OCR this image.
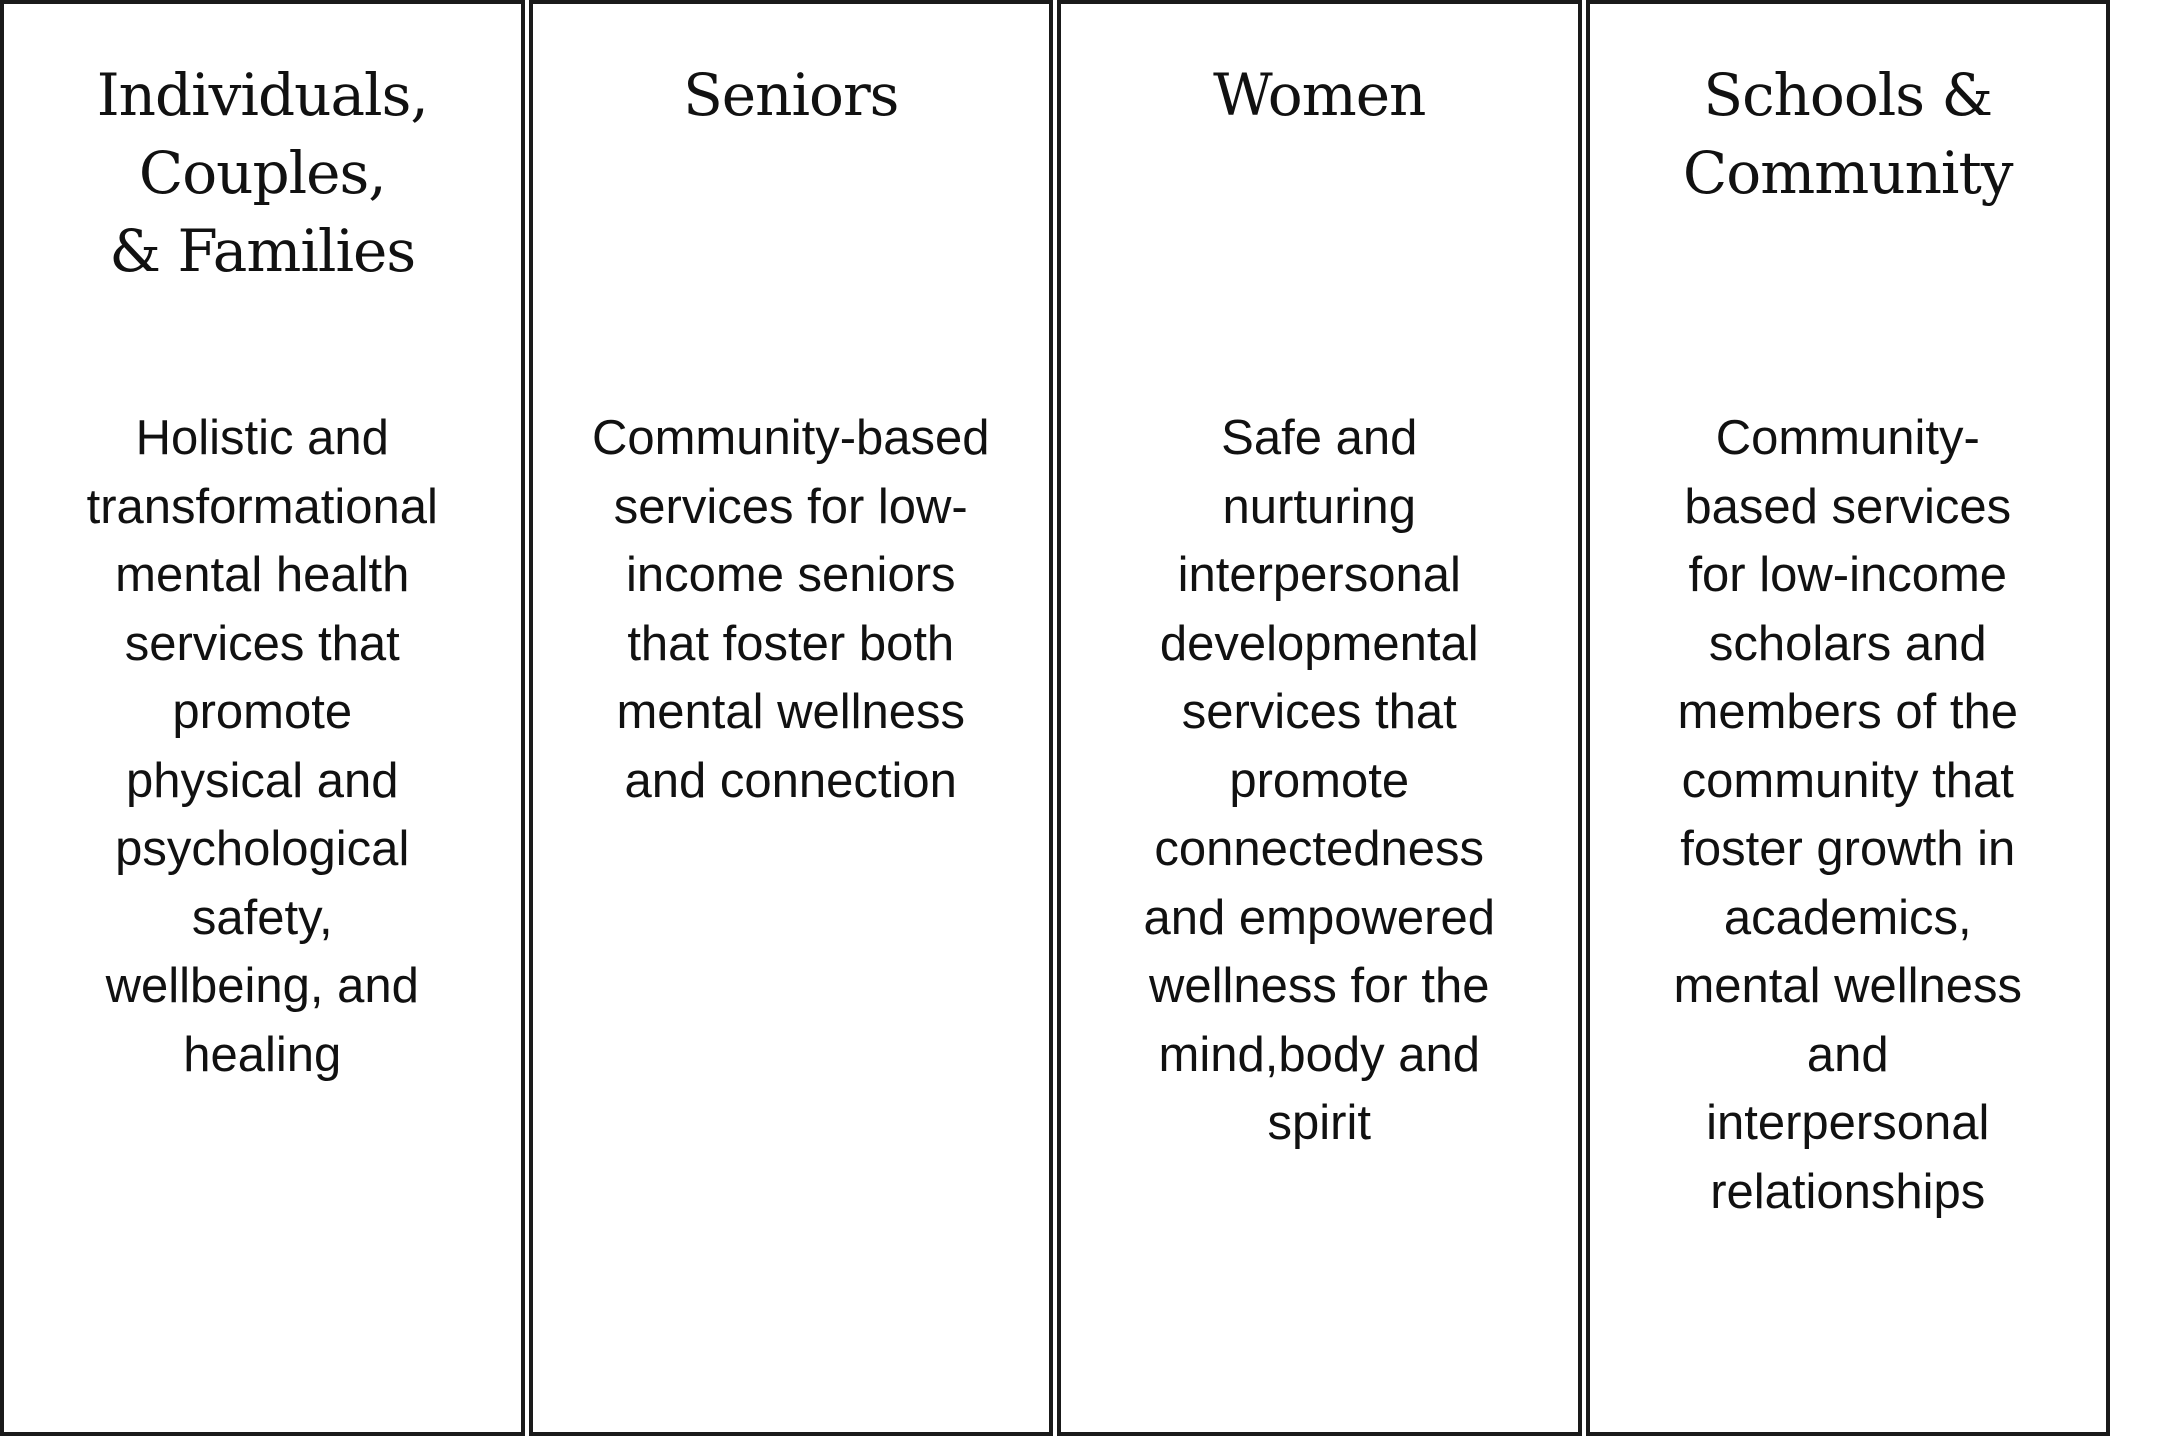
Individuals,
Couples,
& Families

Holistic and
transformational
mental health
services that
promote
physical and
psychological
safety,
wellbeing, and
healing

Seniors

Community-based
services for low-
income seniors
that foster both
mental wellness
and connection

Women

Safe and
nurturing
interpersonal
developmental
services that
promote
connectedness
and empowered
wellness for the
mind,body and
spirit

Schools &
Community

Community-
based services
for low-income
scholars and
members of the
community that
foster growth in
academics,
mental wellness
and
interpersonal
relationships
